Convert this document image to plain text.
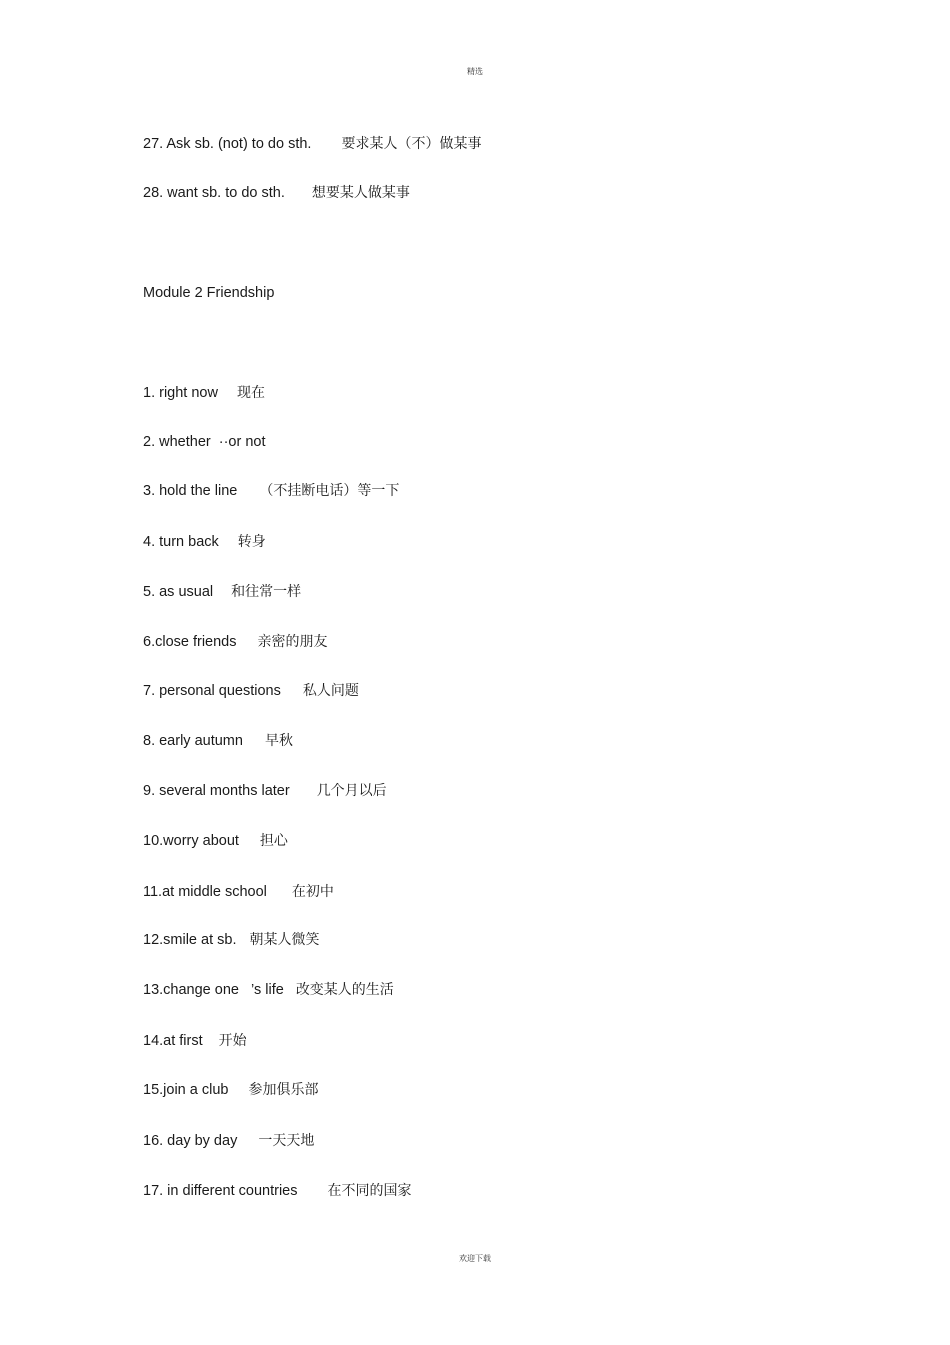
精选
27. Ask sb. (not) to do sth. 要求某人（不）做某事
28. want sb. to do sth. 想要某人做某事
Module 2 Friendship
1. right now 现在
2. whether  ··or not
3. hold the line （不挂断电话）等一下
4. turn back 转身
5. as usual 和往常一样
6.close friends 亲密的朋友
7. personal questions 私人问题
8. early autumn 早秋
9. several months later 几个月以后
10.worry about 担心
11.at middle school 在初中
12.smile at sb. 朝某人微笑
13.change one   ’s life 改变某人的生活
14.at first 开始
15.join a club 参加俱乐部
16. day by day 一天天地
17. in different countries 在不同的国家
欢迎下载
